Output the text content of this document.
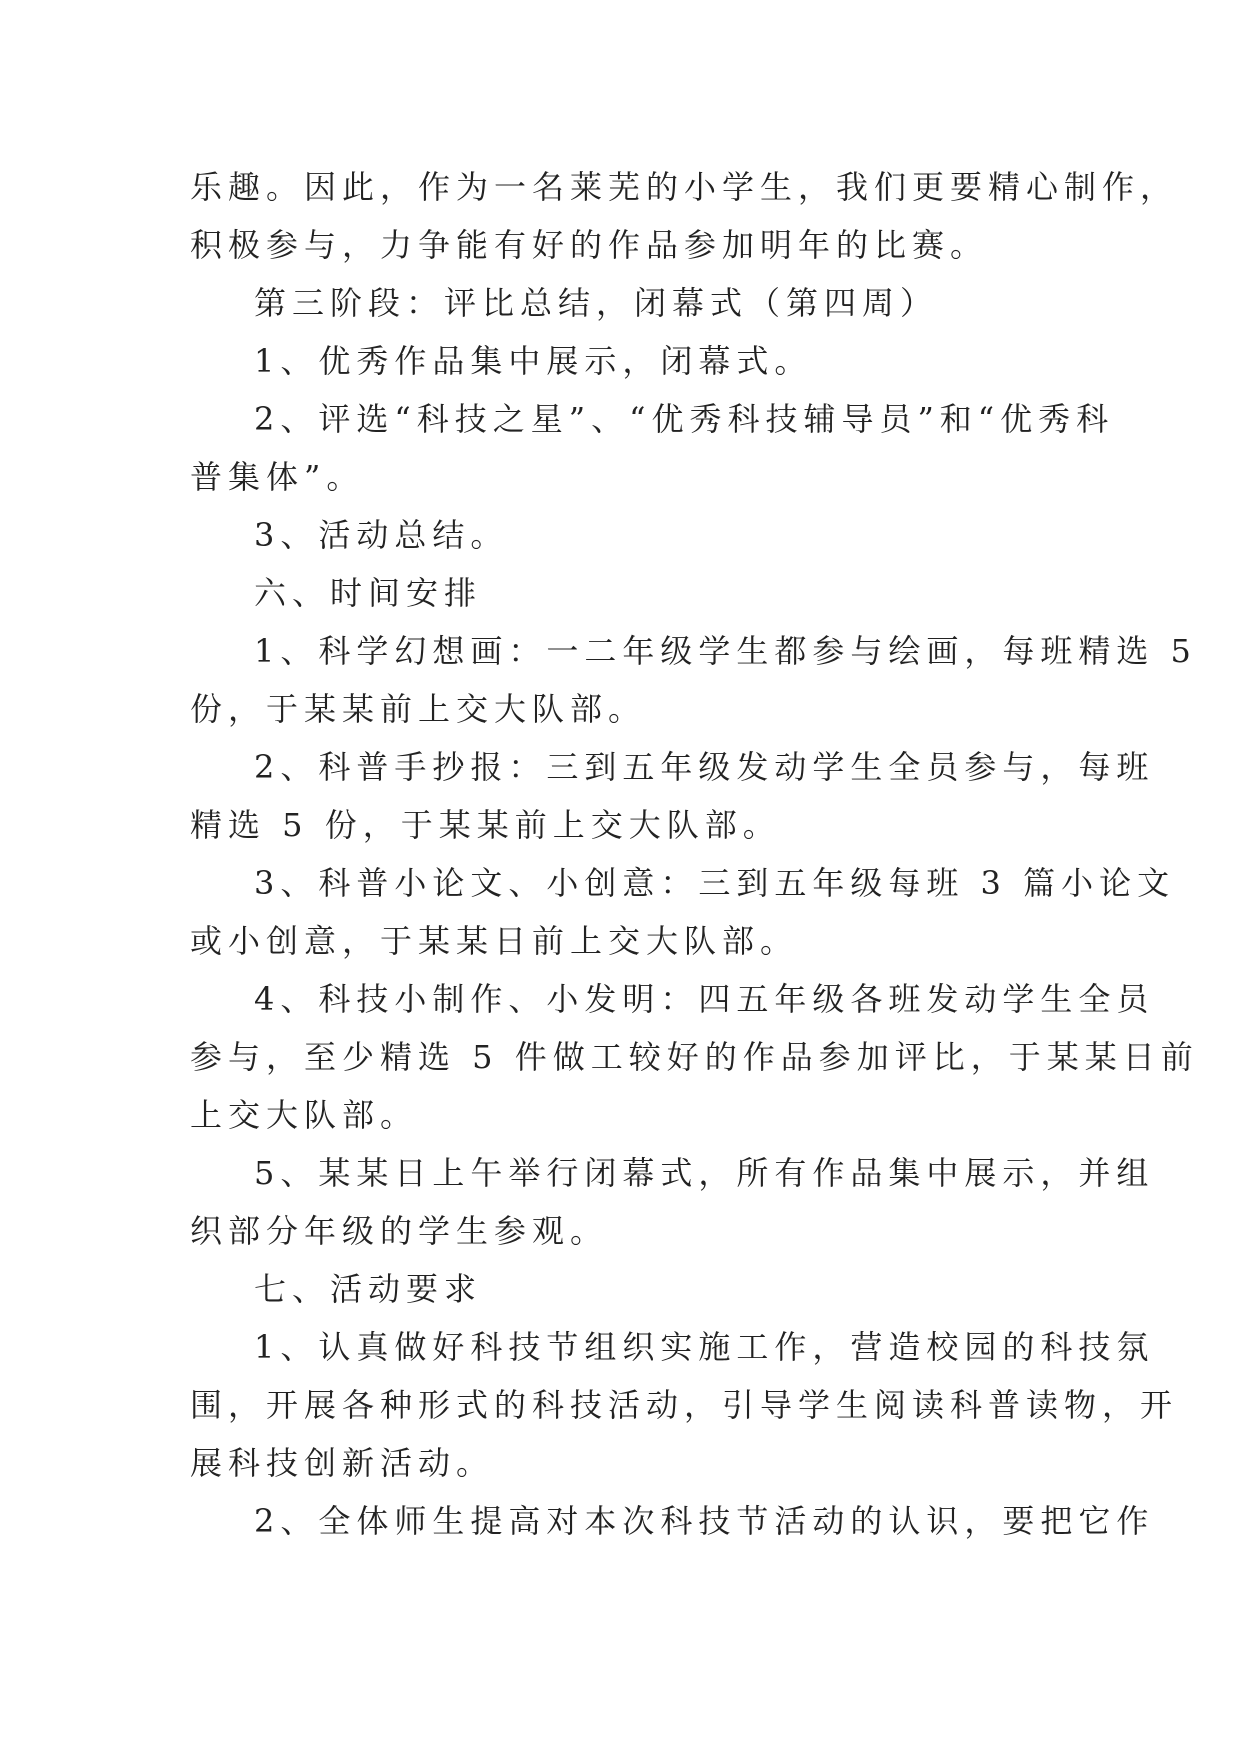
乐趣。因此，作为一名莱芜的小学生，我们更要精心制作，
积极参与，力争能有好的作品参加明年的比赛。
第三阶段：评比总结，闭幕式（第四周）
1、优秀作品集中展示，闭幕式。
2、评选“科技之星”、“优秀科技辅导员”和“优秀科
普集体”。
3、活动总结。
六、时间安排
1、科学幻想画：一二年级学生都参与绘画，每班精选 5
份，于某某前上交大队部。
2、科普手抄报：三到五年级发动学生全员参与，每班
精选 5 份，于某某前上交大队部。
3、科普小论文、小创意：三到五年级每班 3 篇小论文
或小创意，于某某日前上交大队部。
4、科技小制作、小发明：四五年级各班发动学生全员
参与，至少精选 5 件做工较好的作品参加评比，于某某日前
上交大队部。
5、某某日上午举行闭幕式，所有作品集中展示，并组
织部分年级的学生参观。
七、活动要求
1、认真做好科技节组织实施工作，营造校园的科技氛
围，开展各种形式的科技活动，引导学生阅读科普读物，开
展科技创新活动。
2、全体师生提高对本次科技节活动的认识，要把它作
